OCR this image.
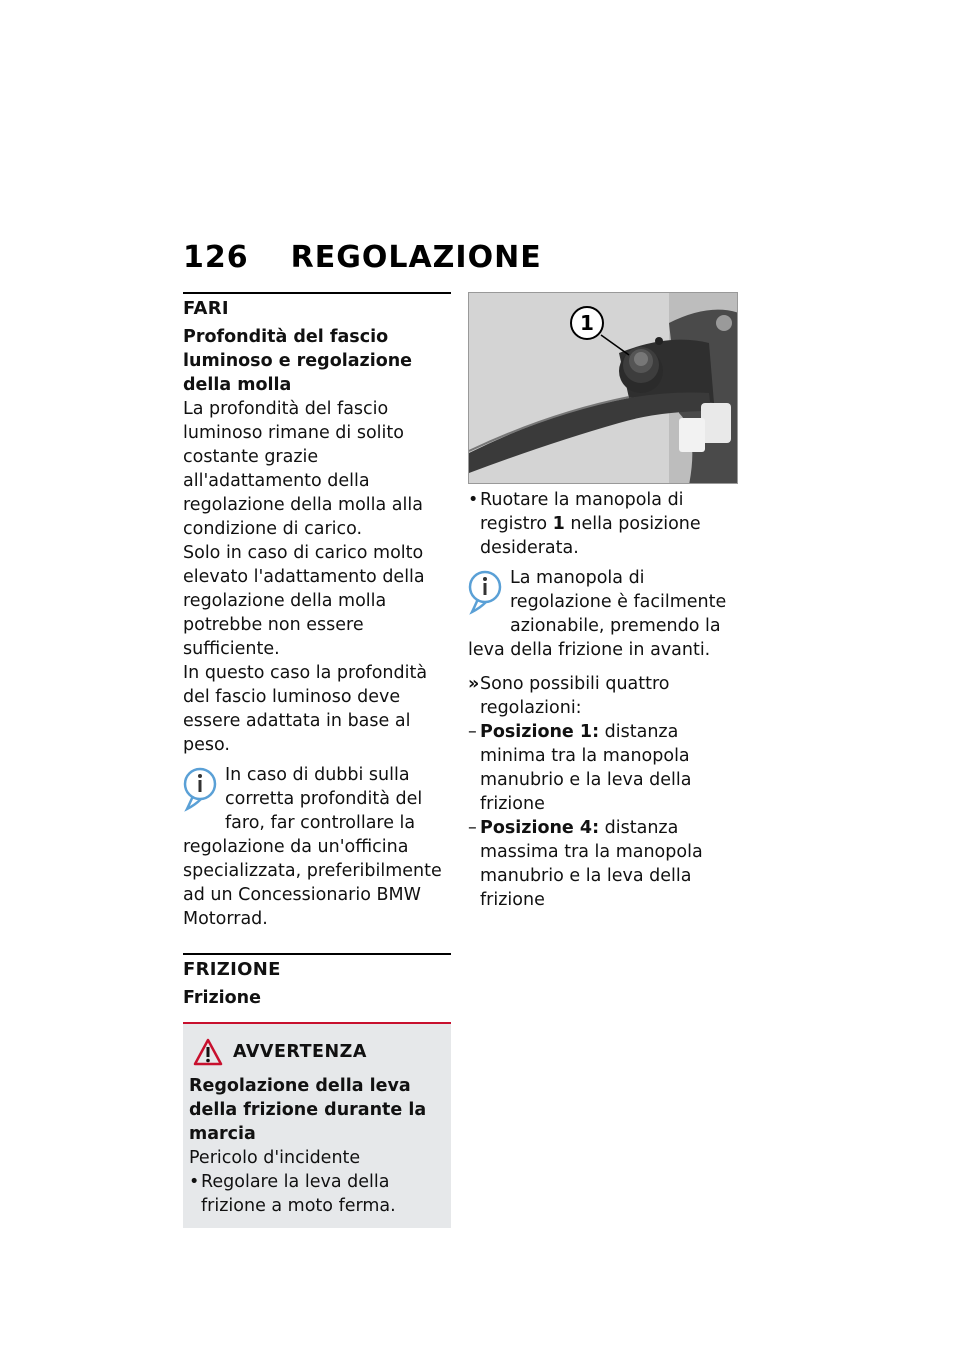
126 REGOLAZIONE
FARI
Profondità del fascio luminoso e regolazione della molla

La profondità del fascio luminoso rimane di solito costante grazie all'adattamento della regolazione della molla alla condizione di carico.

Solo in caso di carico molto elevato l'adattamento della regolazione della molla potrebbe non essere sufficiente.

In questo caso la profondità del fascio luminoso deve essere adattata in base al peso.

In caso di dubbi sulla corretta profondità del faro, far controllare la regolazione da un'officina specializzata, preferibilmente ad un Concessionario BMW Motorrad.
FRIZIONE
Frizione
AVVERTENZA
Regolazione della leva della frizione durante la marcia

Pericolo d'incidente

• Regolare la leva della frizione a moto ferma.
1
• Ruotare la manopola di registro 1 nella posizione desiderata.
La manopola di regolazione è facilmente azionabile, premendo la leva della frizione in avanti.
» Sono possibili quattro regolazioni:
– Posizione 1: distanza minima tra la manopola manubrio e la leva della frizione
– Posizione 4: distanza massima tra la manopola manubrio e la leva della frizione
